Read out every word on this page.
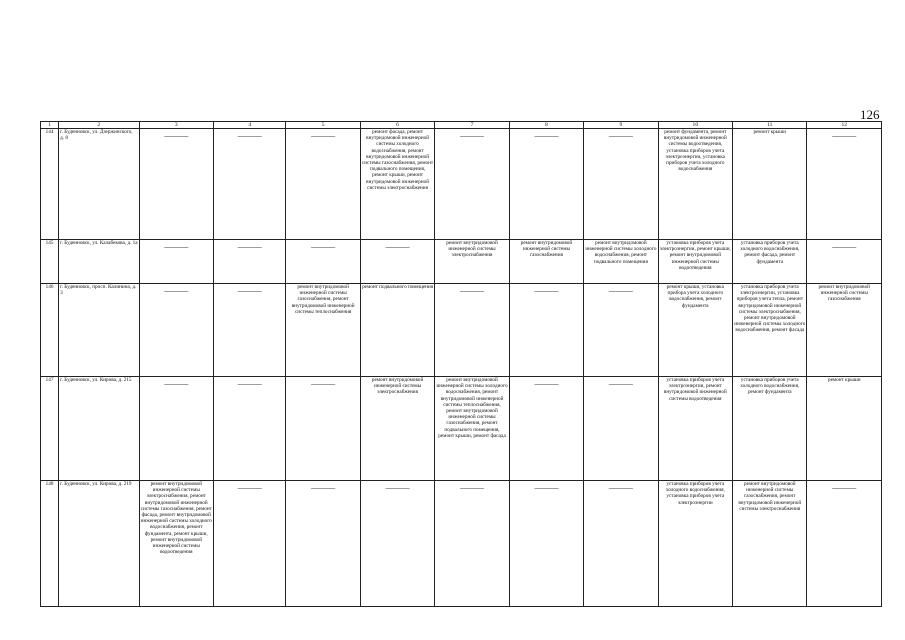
126
1	2	3	4	5	6	7	8	9	10	11	12
144	г. Буденновск, ул. Дзержинского, д. 8	———	———	———	ремонт фасада, ремонт внутридомовой инженерной системы холодного водоснабжения, ремонт внутридомовой инженерной системы газоснабжения, ремонт подвального помещения, ремонт крыши, ремонт внутридомовой инженерной системы электроснабжения	———	———	———	ремонт фундамента, ремонт внутридомовой инженерной системы водоотведения, установка приборов учета электроэнергии, установка приборов учета холодного водоснабжения	ремонт крыши	———

145	г. Буденновск, ул. Калабекова, д. 1а	———	———	———	———	ремонт внутридомовой инженерной системы электроснабжения	ремонт внутридомовой инженерной системы газоснабжения	ремонт внутридомовой инженерной системы холодного водоснабжения, ремонт подвального помещения	установка приборов учета электроэнергии, ремонт крыши, ремонт внутридомовой инженерной системы водоотведения	установка приборов учета холодного водоснабжения, ремонт фасада, ремонт фундамента	———

146	г. Буденновск, просп. Калинина, д. 3	———	———	ремонт внутридомовой инженерной системы газоснабжения, ремонт внутридомовой инженерной системы теплоснабжения	ремонт подвального помещения	———	———	———	ремонт крыши, установка прибора учета холодного водоснабжения, ремонт фундамента	установка приборов учета электроэнергии, установка приборов учета тепла, ремонт внутридомовой инженерной системы электроснабжения, ремонт внутридомовой инженерной системы холодного водоснабжения, ремонт фасада	ремонт внутридомовой инженерной системы газоснабжения
147	г. Буденновск, ул. Кирова, д. 215	———	———	———	ремонт внутридомовой инженерной системы электроснабжения	ремонт внутридомовой инженерной системы холодного водоснабжения, ремонт внутридомовой инженерной системы теплоснабжения, ремонт внутридомовой инженерной системы газоснабжения, ремонт подвального помещения, ремонт крыши, ремонт фасада	———	———	установка приборов учета электроэнергии, ремонт внутридомовой инженерной системы водоотведения	установка приборов учета холодного водоснабжения, ремонт фундамента	ремонт крыши
148	г. Буденновск, ул. Кирова, д. 219	ремонт внутридомовой инженерной системы электроснабжения, ремонт внутридомовой инженерной системы газоснабжения, ремонт фасада, ремонт внутридомовой инженерной системы холодного водоснабжения, ремонт фундамента, ремонт крыши, ремонт внутридомовой инженерной системы водоотведения	———	———	———	———	———	———	установка приборов учета холодного водоснабжения, установка приборов учета электроэнергии	ремонт внутридомовой инженерной системы газоснабжения, ремонт внутридомовой инженерной системы электроснабжения	———
